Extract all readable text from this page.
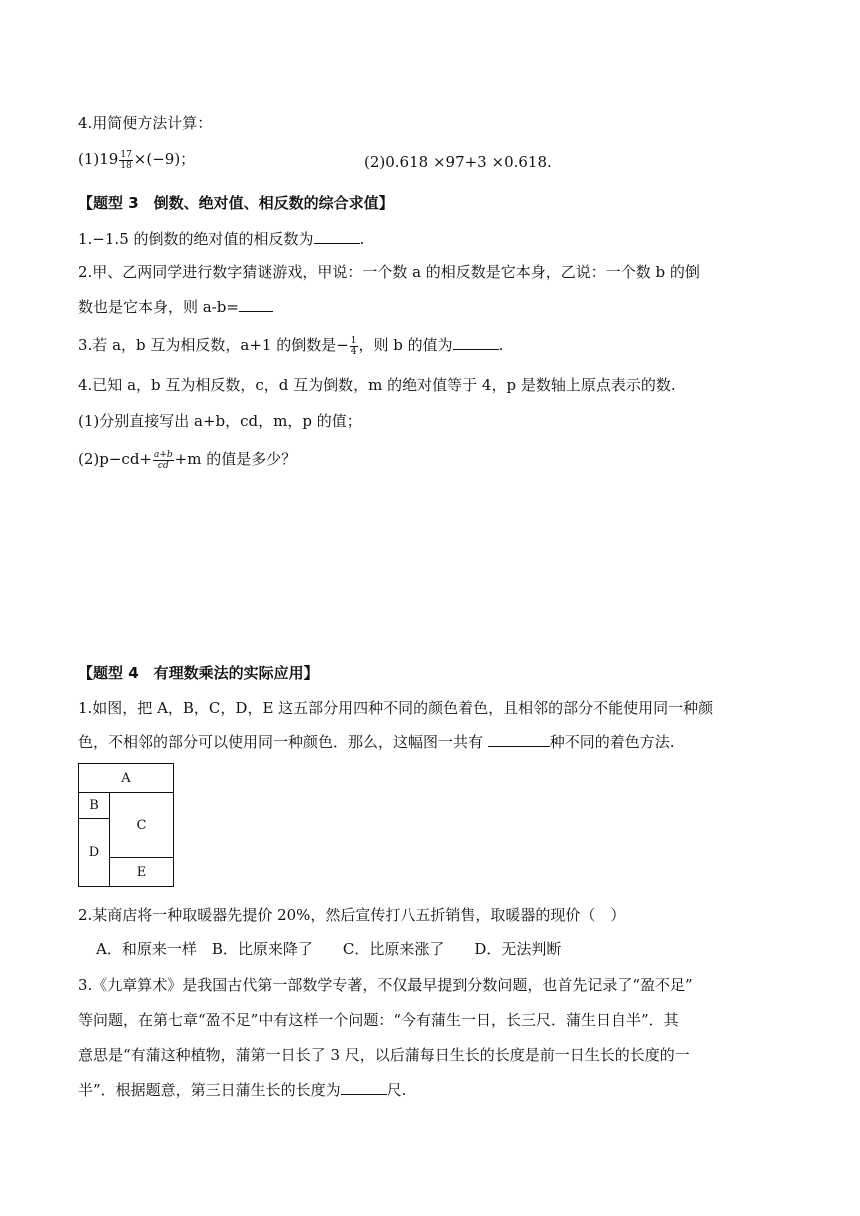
4.用简便方法计算：
$(1)19 \frac{17}{18} \times(-9)$；	(2)0.618 ×97+3 ×0.618.
【题型 3　倒数、绝对值、相反数的综合求值】
1.−1.5 的倒数的绝对值的相反数为	.
2.甲、乙两同学进行数字猜谜游戏，甲说：一个数 a 的相反数是它本身，乙说：一个数 b 的倒
数也是它本身，则 a-b=
3.若 a，b 互为相反数，a+1 的倒数是− $\frac{1}{4}$ ，则 b 的值为	.
4.已知 a，b 互为相反数，c，d 互为倒数，m 的绝对值等于 4，p 是数轴上原点表示的数.
(1)分别直接写出 a+b，cd，m，p 的值；
$(2)p-cd+ \frac{a+b}{cd} +m$ 的值是多少？
【题型 4　有理数乘法的实际应用】
1.如图，把 A，B，C，D，E 这五部分用四种不同的颜色着色，且相邻的部分不能使用同一种颜
色，不相邻的部分可以使用同一种颜色．那么，这幅图一共有	种不同的着色方法.
A
B
D
C
E
2.某商店将一种取暖器先提价 20%，然后宣传打八五折销售，取暖器的现价（　）
A．和原来一样　B．比原来降了　　C．比原来涨了　　D．无法判断
3.《九章算术》是我国古代第一部数学专著，不仅最早提到分数问题，也首先记录了“盈不足”
等问题，在第七章“盈不足”中有这样一个问题：“今有蒲生一日，长三尺．蒲生日自半”．其
意思是“有蒲这种植物，蒲第一日长了 3 尺，以后蒲每日生长的长度是前一日生长的长度的一
半”．根据题意，第三日蒲生长的长度为	尺.
